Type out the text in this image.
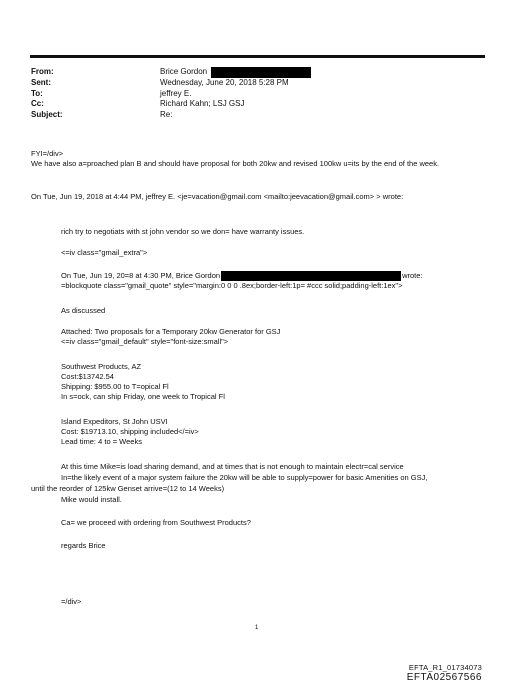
From:	Brice Gordon
Sent:	Wednesday, June 20, 2018 5:28 PM
To:	jeffrey E.
Cc:	Richard Kahn; LSJ GSJ
Subject:	Re:
FYI=/div>
We have also a=proached plan B and should have proposal for both 20kw and revised 100kw u=its by the end of the week.
On Tue, Jun 19, 2018 at 4:44 PM, jeffrey E. <je=vacation@gmail.com <mailto:jeevacation@gmail.com> > wrote:
rich try to negotiats with st john vendor so we don= have warranty issues.
<=iv class="gmail_extra">
On Tue, Jun 19, 20=8 at 4:30 PM, Brice Gordon	wrote:
=blockquote class="gmail_quote" style="margin:0 0 0 .8ex;border-left:1p= #ccc solid;padding-left:1ex">
As discussed
Attached: Two proposals for a Temporary 20kw Generator for GSJ
<=iv class="gmail_default" style="font-size:small">
Southwest Products, AZ
Cost:$13742.54
Shipping: $955.00 to T=opical Fl
In s=ock, can ship Friday, one week to Tropical Fl
Island Expeditors, St John USVI
Cost: $19713.10, shipping included</=iv>
Lead time: 4 to = Weeks
At this time Mike=is load sharing demand, and at times that is not enough to maintain electr=cal service
In=the likely event of a major system failure the 20kw will be able to supply=power for basic Amenities on GSJ,
until the reorder of 125kw Genset arrive=(12 to 14 Weeks)
Mike would install.
Ca= we proceed with ordering from Southwest Products?
regards Brice
=/div>
1
EFTA_R1_01734073
EFTA02567566
